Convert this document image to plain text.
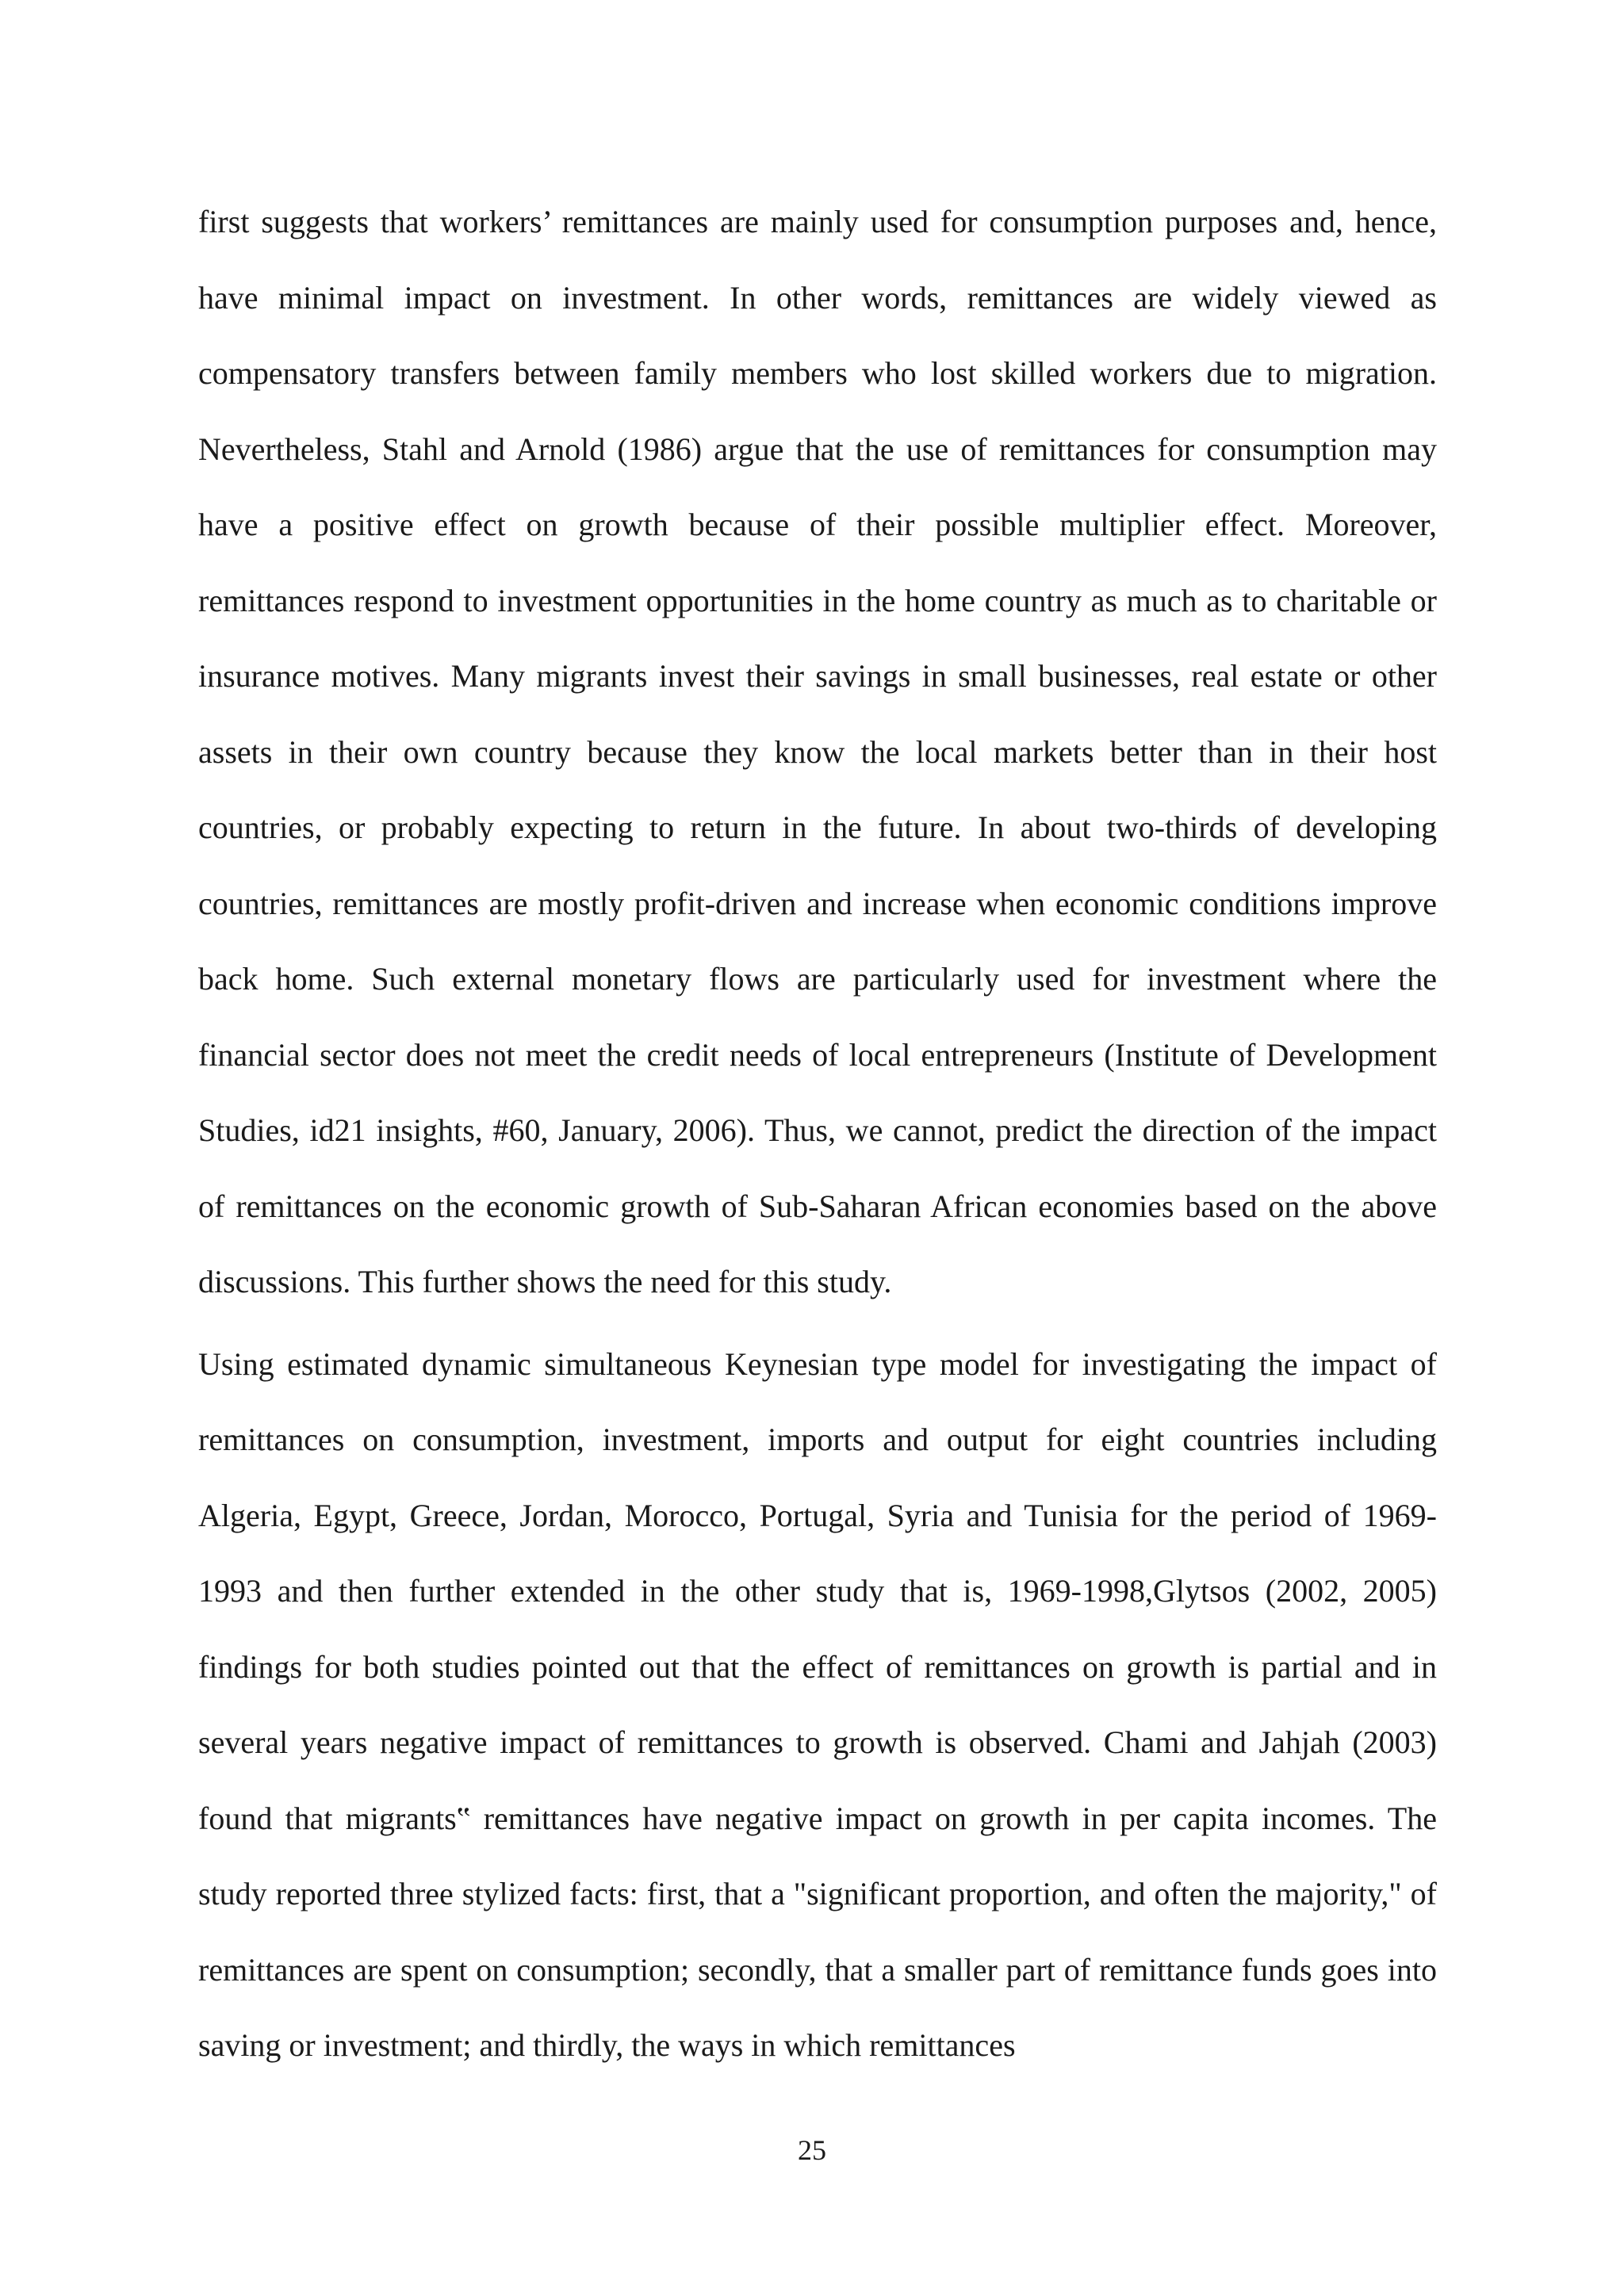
first suggests that workers’ remittances are mainly used for consumption purposes and, hence, have minimal impact on investment. In other words, remittances are widely viewed as compensatory transfers between family members who lost skilled workers due to migration. Nevertheless, Stahl and Arnold (1986) argue that the use of remittances for consumption may have a positive effect on growth because of their possible multiplier effect. Moreover, remittances respond to investment opportunities in the home country as much as to charitable or insurance motives. Many migrants invest their savings in small businesses, real estate or other assets in their own country because they know the local markets better than in their host countries, or probably expecting to return in the future. In about two-thirds of developing countries, remittances are mostly profit-driven and increase when economic conditions improve back home. Such external monetary flows are particularly used for investment where the financial sector does not meet the credit needs of local entrepreneurs (Institute of Development Studies, id21 insights, #60, January, 2006). Thus, we cannot, predict the direction of the impact of remittances on the economic growth of Sub-Saharan African economies based on the above discussions. This further shows the need for this study.

Using estimated dynamic simultaneous Keynesian type model for investigating the impact of remittances on consumption, investment, imports and output for eight countries including Algeria, Egypt, Greece, Jordan, Morocco, Portugal, Syria and Tunisia for the period of 1969-1993 and then further extended in the other study that is, 1969-1998,Glytsos (2002, 2005) findings for both studies pointed out that the effect of remittances on growth is partial and in several years negative impact of remittances to growth is observed. Chami and Jahjah (2003) found that migrants‟ remittances have negative impact on growth in per capita incomes. The study reported three stylized facts: first, that a "significant proportion, and often the majority," of remittances are spent on consumption; secondly, that a smaller part of remittance funds goes into saving or investment; and thirdly, the ways in which remittances

25
